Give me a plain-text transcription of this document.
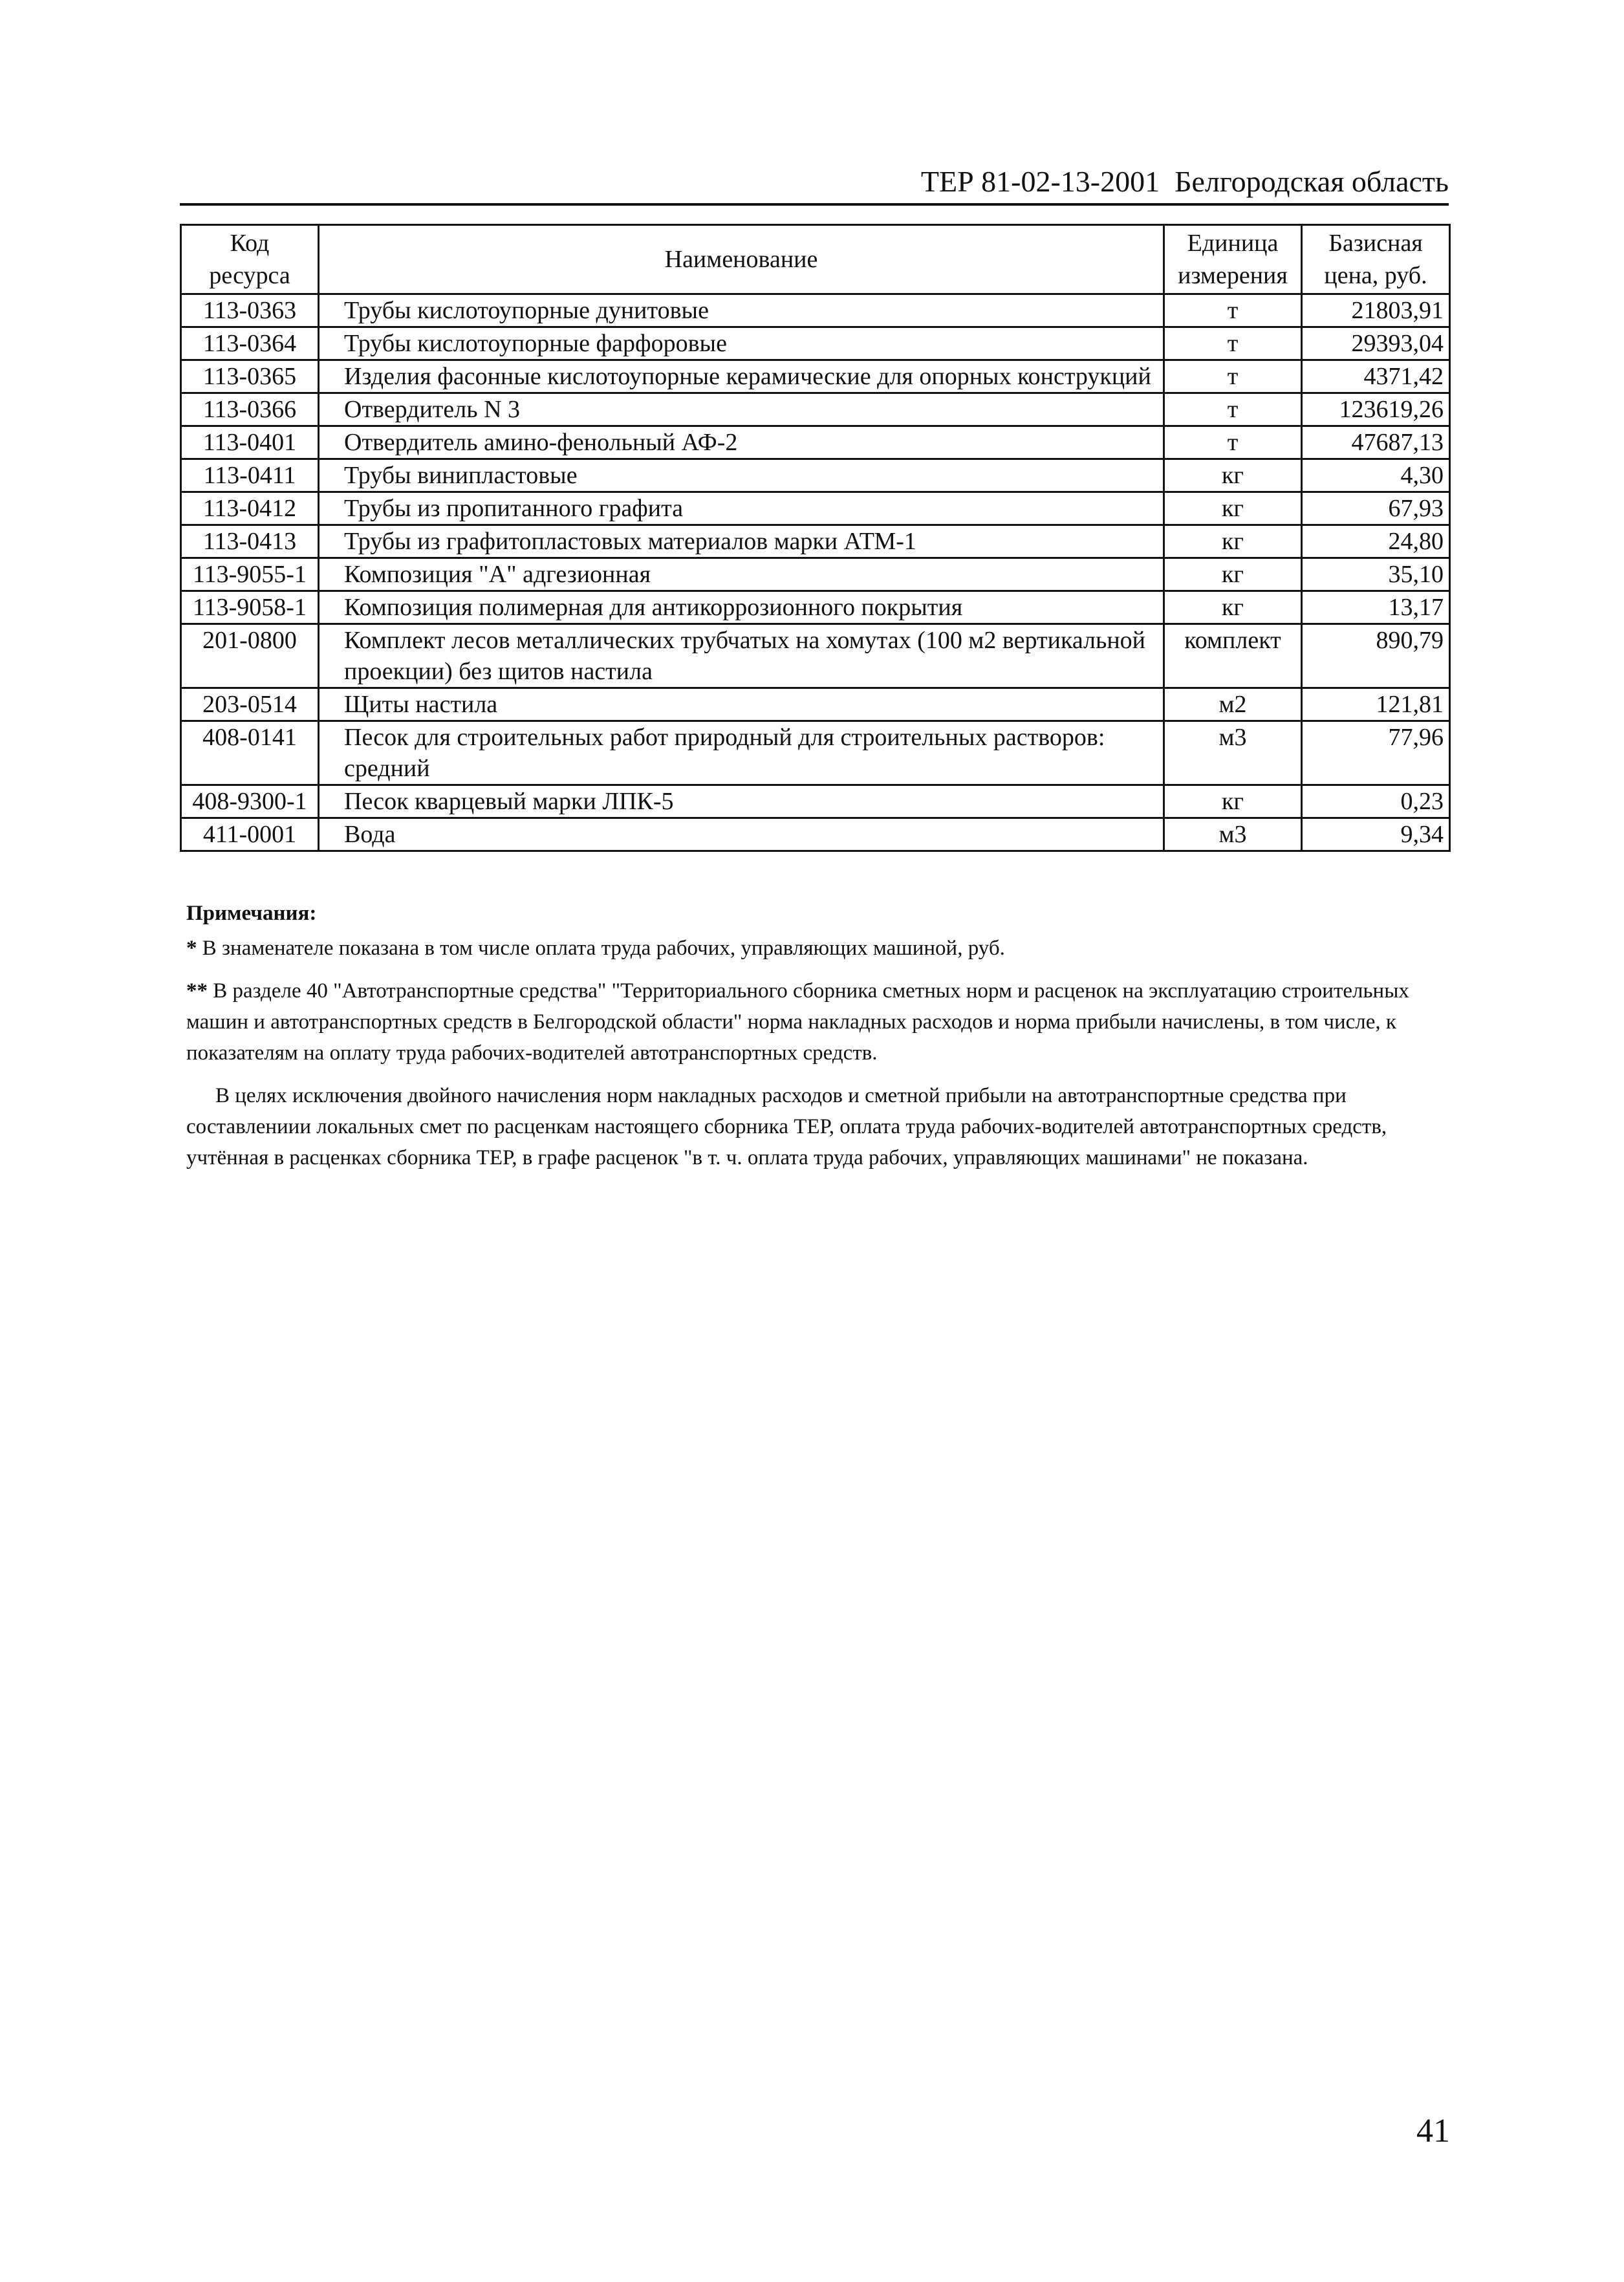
ТЕР 81-02-13-2001  Белгородская область
Код ресурса	Наименование	Единица измерения	Базисная цена, руб.
113-0363	Трубы кислотоупорные дунитовые	т	21803,91
113-0364	Трубы кислотоупорные фарфоровые	т	29393,04
113-0365	Изделия фасонные кислотоупорные керамические для опорных конструкций	т	4371,42
113-0366	Отвердитель N 3	т	123619,26
113-0401	Отвердитель амино-фенольный АФ-2	т	47687,13
113-0411	Трубы винипластовые	кг	4,30
113-0412	Трубы из пропитанного графита	кг	67,93
113-0413	Трубы из графитопластовых материалов марки АТМ-1	кг	24,80
113-9055-1	Композиция "А" адгезионная	кг	35,10
113-9058-1	Композиция полимерная для антикоррозионного покрытия	кг	13,17
201-0800	Комплект лесов металлических трубчатых на хомутах (100 м2 вертикальной проекции) без щитов настила	комплект	890,79
203-0514	Щиты настила	м2	121,81
408-0141	Песок для строительных работ природный для строительных растворов: средний	м3	77,96
408-9300-1	Песок кварцевый марки ЛПК-5	кг	0,23
411-0001	Вода	м3	9,34
Примечания:

* В знаменателе показана в том числе оплата труда рабочих, управляющих машиной, руб.

** В разделе 40 "Автотранспортные средства" "Территориального сборника сметных норм и расценок на эксплуатацию строительных машин и автотранспортных средств в Белгородской области" норма накладных расходов и норма прибыли начислены, в том числе, к показателям на оплату труда рабочих-водителей автотранспортных средств.

В целях исключения двойного начисления норм накладных расходов и сметной прибыли на автотранспортные средства при составлениии локальных смет по расценкам настоящего сборника ТЕР, оплата труда рабочих-водителей автотранспортных средств, учтённая в расценках сборника ТЕР, в графе расценок "в т. ч. оплата труда рабочих, управляющих машинами" не показана.

41
